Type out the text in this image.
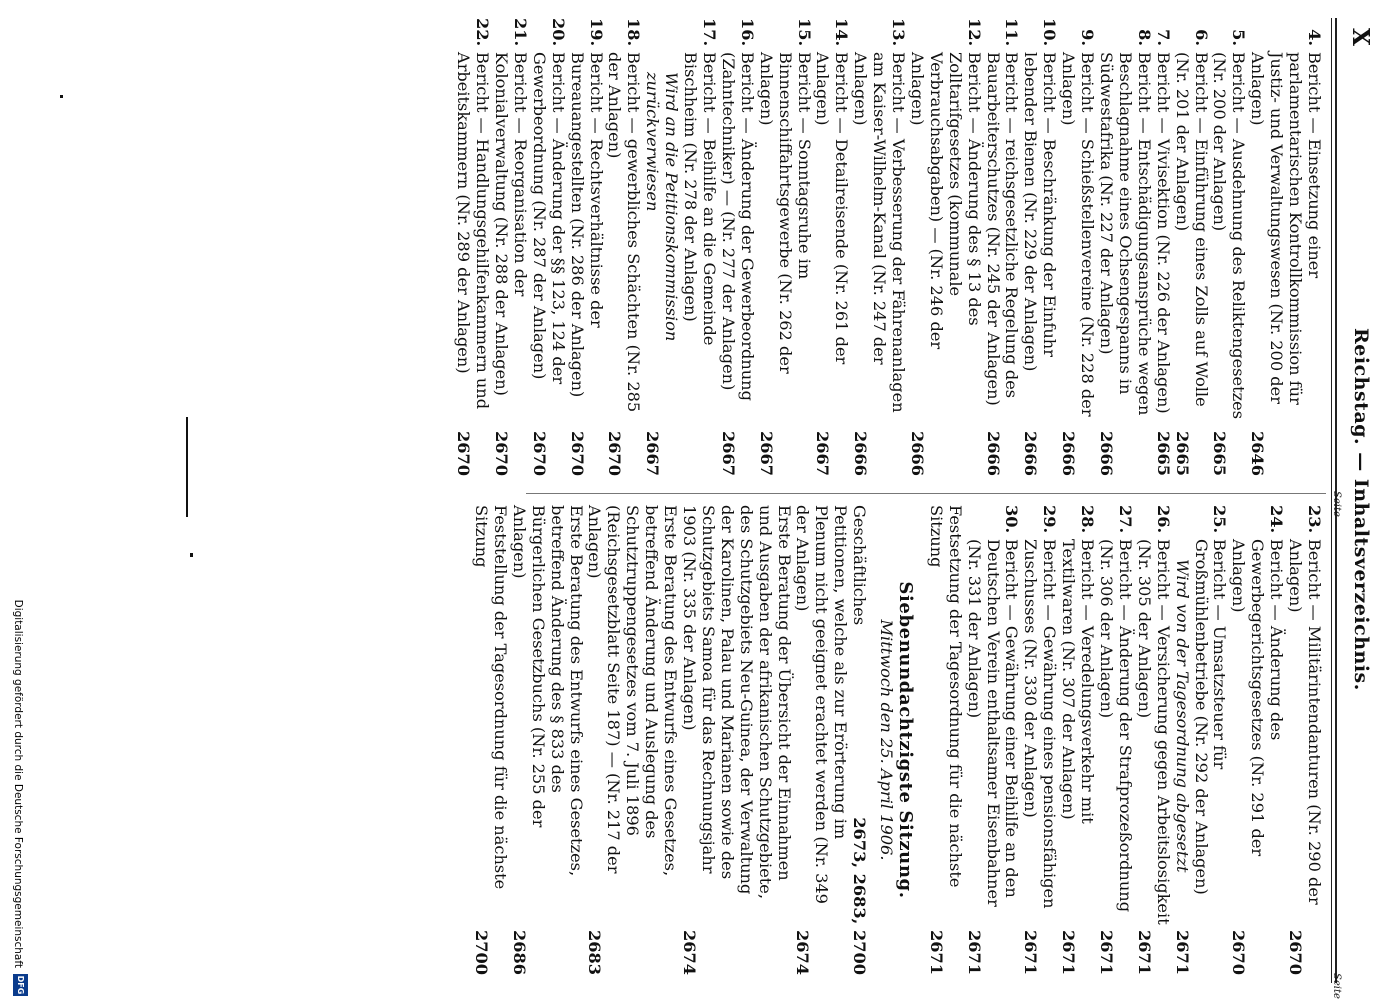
X
Reichstag. — Inhaltsverzeichnis.
Seite
Seite
4.
Bericht — Einsetzung einer parlamentarischen Kontrollkommission für Justiz- und Verwaltungswesen (Nr. 200 der Anlagen)
2646
5.
Bericht — Ausdehnung des Reliktengesetzes (Nr. 200 der Anlagen)
2665
6.
Bericht — Einführung eines Zolls auf Wolle (Nr. 201 der Anlagen)
2665
7.
Bericht — Vivisektion (Nr. 226 der Anlagen)
2665
8.
Bericht — Entschädigungsansprüche wegen Beschlagnahme eines Ochsengespanns in Südwestafrika (Nr. 227 der Anlagen)
2666
9.
Bericht — Schießstellenvereine (Nr. 228 der Anlagen)
2666
10.
Bericht — Beschränkung der Einfuhr lebender Bienen (Nr. 229 der Anlagen)
2666
11.
Bericht — reichsgesetzliche Regelung des Bauarbeiterschutzes (Nr. 245 der Anlagen)
2666
12.
Bericht — Änderung des § 13 des Zolltarifgesetzes (kommunale Verbrauchsabgaben) — (Nr. 246 der Anlagen)
2666
13.
Bericht — Verbesserung der Fährenanlagen am Kaiser-Wilhelm-Kanal (Nr. 247 der Anlagen)
2666
14.
Bericht — Detailreisende (Nr. 261 der Anlagen)
2667
15.
Bericht — Sonntagsruhe im Binnenschiffahrtsgewerbe (Nr. 262 der Anlagen)
2667
16.
Bericht — Änderung der Gewerbeordnung (Zahntechniker) — (Nr. 277 der Anlagen)
2667
17.
Bericht — Beihilfe an die Gemeinde Bischheim (Nr. 278 der Anlagen)
Wird an die Petitionskommission zurückverwiesen
2667
18.
Bericht — gewerbliches Schächten (Nr. 285 der Anlagen)
2670
19.
Bericht — Rechtsverhältnisse der Bureauangestellten (Nr. 286 der Anlagen)
2670
20.
Bericht — Änderung der §§ 123, 124 der Gewerbeordnung (Nr. 287 der Anlagen)
2670
21.
Bericht — Reorganisation der Kolonialverwaltung (Nr. 288 der Anlagen)
2670
22.
Bericht — Handlungsgehilfenkammern und Arbeitskammern (Nr. 289 der Anlagen)
2670
23.
Bericht — Militärintendanturen (Nr. 290 der Anlagen)
2670
24.
Bericht — Änderung des Gewerbegerichtsgesetzes (Nr. 291 der Anlagen)
2670
25.
Bericht — Umsatzsteuer für Großmühlenbetriebe (Nr. 292 der Anlagen)
Wird von der Tagesordnung abgesetzt
2671
26.
Bericht — Versicherung gegen Arbeitslosigkeit (Nr. 305 der Anlagen)
2671
27.
Bericht — Änderung der Strafprozeßordnung (Nr. 306 der Anlagen)
2671
28.
Bericht — Veredelungsverkehr mit Textilwaren (Nr. 307 der Anlagen)
2671
29.
Bericht — Gewährung eines pensionsfähigen Zuschusses (Nr. 330 der Anlagen)
2671
30.
Bericht — Gewährung einer Beihilfe an den Deutschen Verein enthaltsamer Eisenbahner (Nr. 331 der Anlagen)
2671
Festsetzung der Tagesordnung für die nächste Sitzung
2671
Siebenundachtzigste Sitzung.
Mittwoch den 25. April 1906.
Geschäftliches
2673, 2683, 2700
Petitionen, welche als zur Erörterung im Plenum nicht geeignet erachtet werden (Nr. 349 der Anlagen)
2674
Erste Beratung der Übersicht der Einnahmen und Ausgaben der afrikanischen Schutzgebiete, des Schutzgebiets Neu-Guinea, der Verwaltung der Karolinen, Palau und Marianen sowie des Schutzgebiets Samoa für das Rechnungsjahr 1903 (Nr. 335 der Anlagen)
2674
Erste Beratung des Entwurfs eines Gesetzes, betreffend Änderung und Auslegung des Schutztruppengesetzes vom 7. Juli 1896 (Reichsgesetzblatt Seite 187) — (Nr. 217 der Anlagen)
2683
Erste Beratung des Entwurfs eines Gesetzes, betreffend Änderung des § 833 des Bürgerlichen Gesetzbuchs (Nr. 255 der Anlagen)
2686
Feststellung der Tagesordnung für die nächste Sitzung
2700
Digitalisierung gefördert durch die Deutsche Forschungsgemeinschaft
DFG
